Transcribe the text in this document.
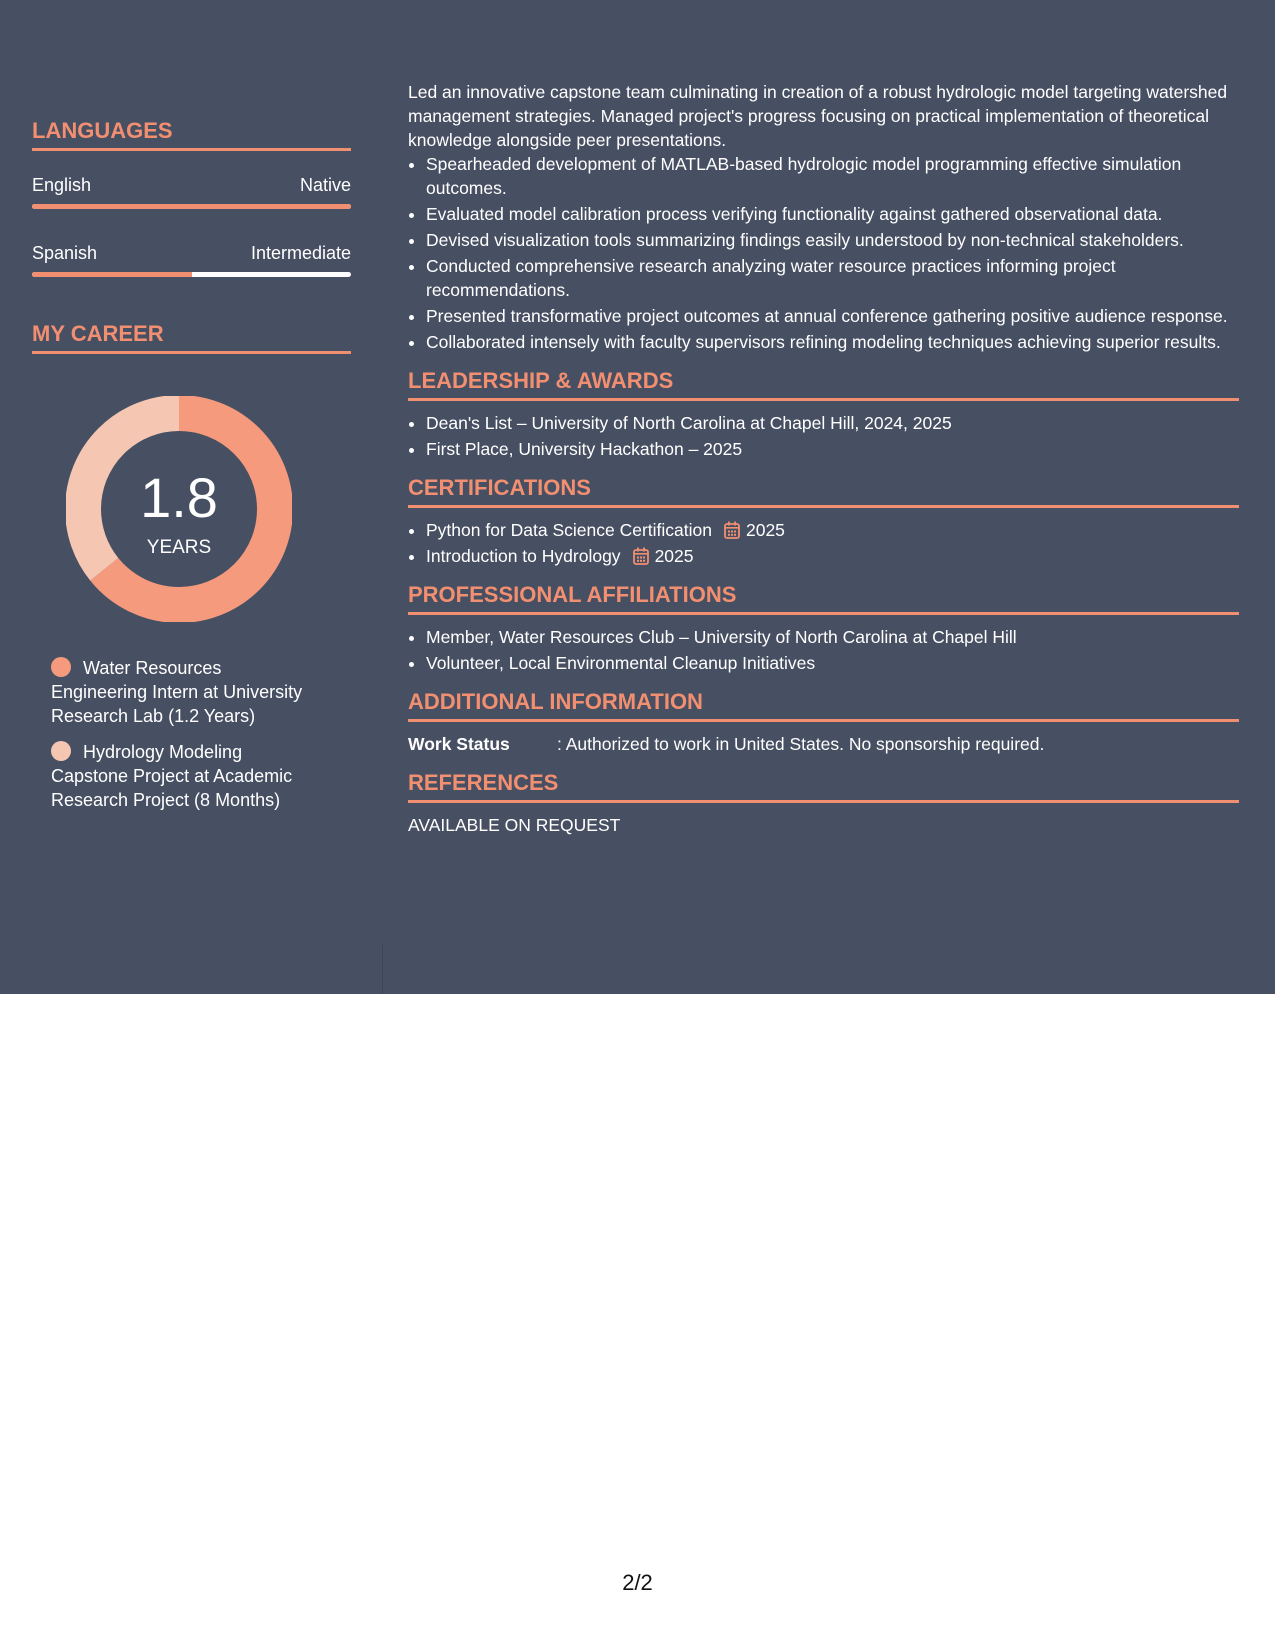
LANGUAGES
English	Native
Spanish	Intermediate
MY CAREER
1.8
YEARS
Water Resources Engineering Intern at University Research Lab (1.2 Years)
Hydrology Modeling Capstone Project at Academic Research Project (8 Months)

Led an innovative capstone team culminating in creation of a robust hydrologic model targeting watershed management strategies. Managed project's progress focusing on practical implementation of theoretical knowledge alongside peer presentations.

• Spearheaded development of MATLAB-based hydrologic model programming effective simulation outcomes.
• Evaluated model calibration process verifying functionality against gathered observational data.
• Devised visualization tools summarizing findings easily understood by non-technical stakeholders.
• Conducted comprehensive research analyzing water resource practices informing project recommendations.
• Presented transformative project outcomes at annual conference gathering positive audience response.
• Collaborated intensely with faculty supervisors refining modeling techniques achieving superior results.
LEADERSHIP & AWARDS
• Dean's List – University of North Carolina at Chapel Hill, 2024, 2025
• First Place, University Hackathon – 2025
CERTIFICATIONS
• Python for Data Science Certification 2025
• Introduction to Hydrology 2025
PROFESSIONAL AFFILIATIONS
• Member, Water Resources Club – University of North Carolina at Chapel Hill
• Volunteer, Local Environmental Cleanup Initiatives
ADDITIONAL INFORMATION
Work Status	: Authorized to work in United States. No sponsorship required.
REFERENCES
AVAILABLE ON REQUEST
2/2
